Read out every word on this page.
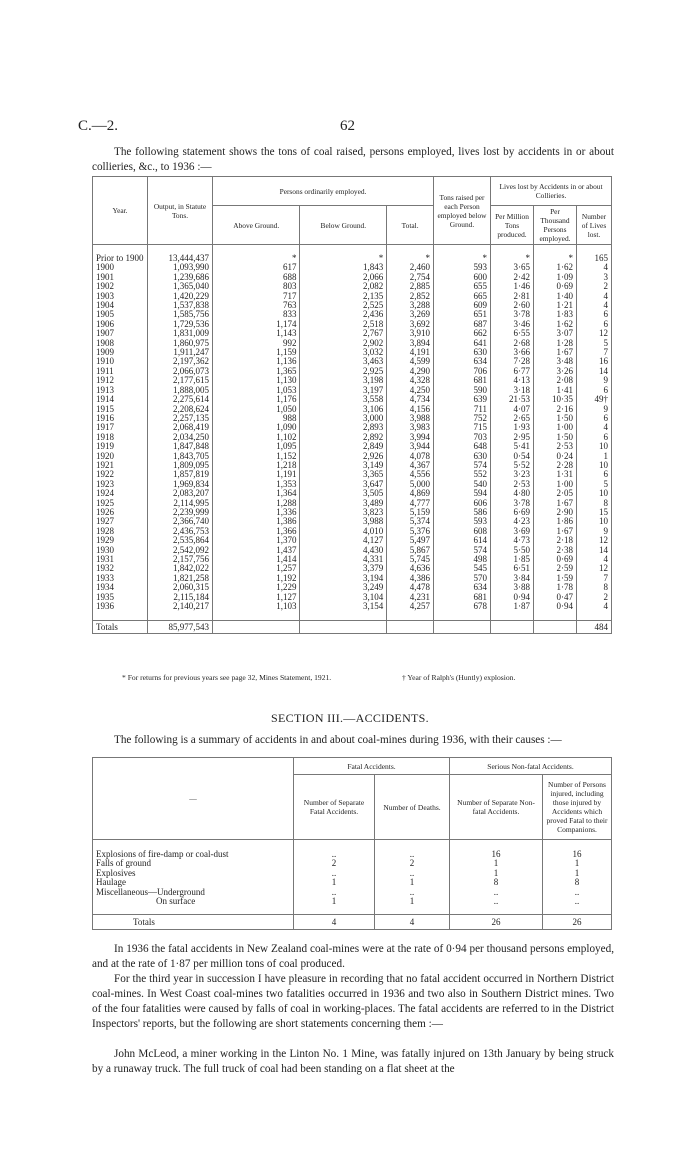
C.—2.	62
The following statement shows the tons of coal raised, persons employed, lives lost by accidents in or about collieries, &c., to 1936 :—
Year.	Output, in Statute Tons.	Persons ordinarily employed.			Tons raised per each Person employed below Ground.	Lives lost by Accidents in or about Collieries.		
		Above Ground.	Below Ground.	Total.		Per Million Tons produced.	Per Thousand Persons employed.	Number of Lives lost.

Prior to 1900	13,444,437	*	*	*	*	*	*	165
1900	1,093,990	617	1,843	2,460	593	3·65	1·62	4
1901	1,239,686	688	2,066	2,754	600	2·42	1·09	3
1902	1,365,040	803	2,082	2,885	655	1·46	0·69	2
1903	1,420,229	717	2,135	2,852	665	2·81	1·40	4
1904	1,537,838	763	2,525	3,288	609	2·60	1·21	4
1905	1,585,756	833	2,436	3,269	651	3·78	1·83	6
1906	1,729,536	1,174	2,518	3,692	687	3·46	1·62	6
1907	1,831,009	1,143	2,767	3,910	662	6·55	3·07	12
1908	1,860,975	992	2,902	3,894	641	2·68	1·28	5
1909	1,911,247	1,159	3,032	4,191	630	3·66	1·67	7
1910	2,197,362	1,136	3,463	4,599	634	7·28	3·48	16
1911	2,066,073	1,365	2,925	4,290	706	6·77	3·26	14
1912	2,177,615	1,130	3,198	4,328	681	4·13	2·08	9
1913	1,888,005	1,053	3,197	4,250	590	3·18	1·41	6
1914	2,275,614	1,176	3,558	4,734	639	21·53	10·35	49†
1915	2,208,624	1,050	3,106	4,156	711	4·07	2·16	9
1916	2,257,135	988	3,000	3,988	752	2·65	1·50	6
1917	2,068,419	1,090	2,893	3,983	715	1·93	1·00	4
1918	2,034,250	1,102	2,892	3,994	703	2·95	1·50	6
1919	1,847,848	1,095	2,849	3,944	648	5·41	2·53	10
1920	1,843,705	1,152	2,926	4,078	630	0·54	0·24	1
1921	1,809,095	1,218	3,149	4,367	574	5·52	2·28	10
1922	1,857,819	1,191	3,365	4,556	552	3·23	1·31	6
1923	1,969,834	1,353	3,647	5,000	540	2·53	1·00	5
1924	2,083,207	1,364	3,505	4,869	594	4·80	2·05	10
1925	2,114,995	1,288	3,489	4,777	606	3·78	1·67	8
1926	2,239,999	1,336	3,823	5,159	586	6·69	2·90	15
1927	2,366,740	1,386	3,988	5,374	593	4·23	1·86	10
1928	2,436,753	1,366	4,010	5,376	608	3·69	1·67	9
1929	2,535,864	1,370	4,127	5,497	614	4·73	2·18	12
1930	2,542,092	1,437	4,430	5,867	574	5·50	2·38	14
1931	2,157,756	1,414	4,331	5,745	498	1·85	0·69	4
1932	1,842,022	1,257	3,379	4,636	545	6·51	2·59	12
1933	1,821,258	1,192	3,194	4,386	570	3·84	1·59	7
1934	2,060,315	1,229	3,249	4,478	634	3·88	1·78	8
1935	2,115,184	1,127	3,104	4,231	681	0·94	0·47	2
1936	2,140,217	1,103	3,154	4,257	678	1·87	0·94	4

Totals	85,977,543							484
* For returns for previous years see page 32, Mines Statement, 1921.	† Year of Ralph's (Huntly) explosion.
SECTION III.—ACCIDENTS.
The following is a summary of accidents in and about coal-mines during 1936, with their causes :—
—	Fatal Accidents.		Serious Non-fatal Accidents.	
	Number of Separate Fatal Accidents.	Number of Deaths.	Number of Separate Non-fatal Accidents.	Number of Persons injured, including those injured by Accidents which proved Fatal to their Companions.

Explosions of fire-damp or coal-dust	..	..	16	16
Falls of ground	2	2	1	1
Explosives	..	..	1	1
Haulage	1	1	8	8
Miscellaneous—Underground	..	..	..	..
On surface	1	1	..	..

Totals	4	4	26	26
In 1936 the fatal accidents in New Zealand coal-mines were at the rate of 0·94 per thousand persons employed, and at the rate of 1·87 per million tons of coal produced.
For the third year in succession I have pleasure in recording that no fatal accident occurred in Northern District coal-mines. In West Coast coal-mines two fatalities occurred in 1936 and two also in Southern District mines. Two of the four fatalities were caused by falls of coal in working-places. The fatal accidents are referred to in the District Inspectors' reports, but the following are short statements concerning them :—
John McLeod, a miner working in the Linton No. 1 Mine, was fatally injured on 13th January by being struck by a runaway truck. The full truck of coal had been standing on a flat sheet at the
